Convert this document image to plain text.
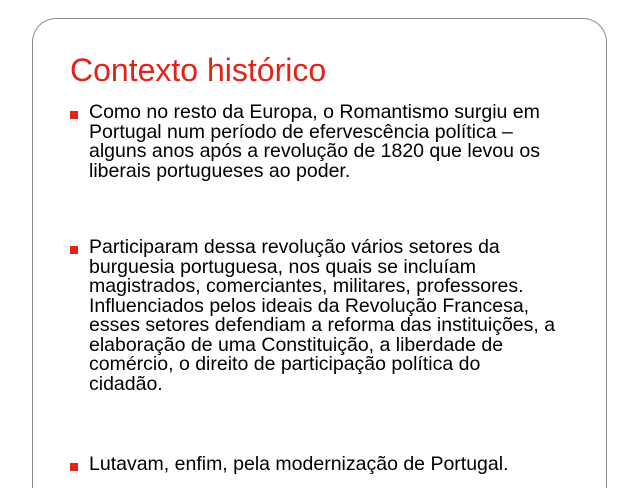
Contexto histórico
Como no resto da Europa, o Romantismo surgiu em
Portugal num período de efervescência política –
alguns anos após a revolução de 1820 que levou os
liberais portugueses ao poder.
Participaram dessa revolução vários setores da
burguesia portuguesa, nos quais se incluíam
magistrados, comerciantes, militares, professores.
Influenciados pelos ideais da Revolução Francesa,
esses setores defendiam a reforma das instituições, a
elaboração de uma Constituição, a liberdade de
comércio, o direito de participação política do
cidadão.
Lutavam, enfim, pela modernização de Portugal.
